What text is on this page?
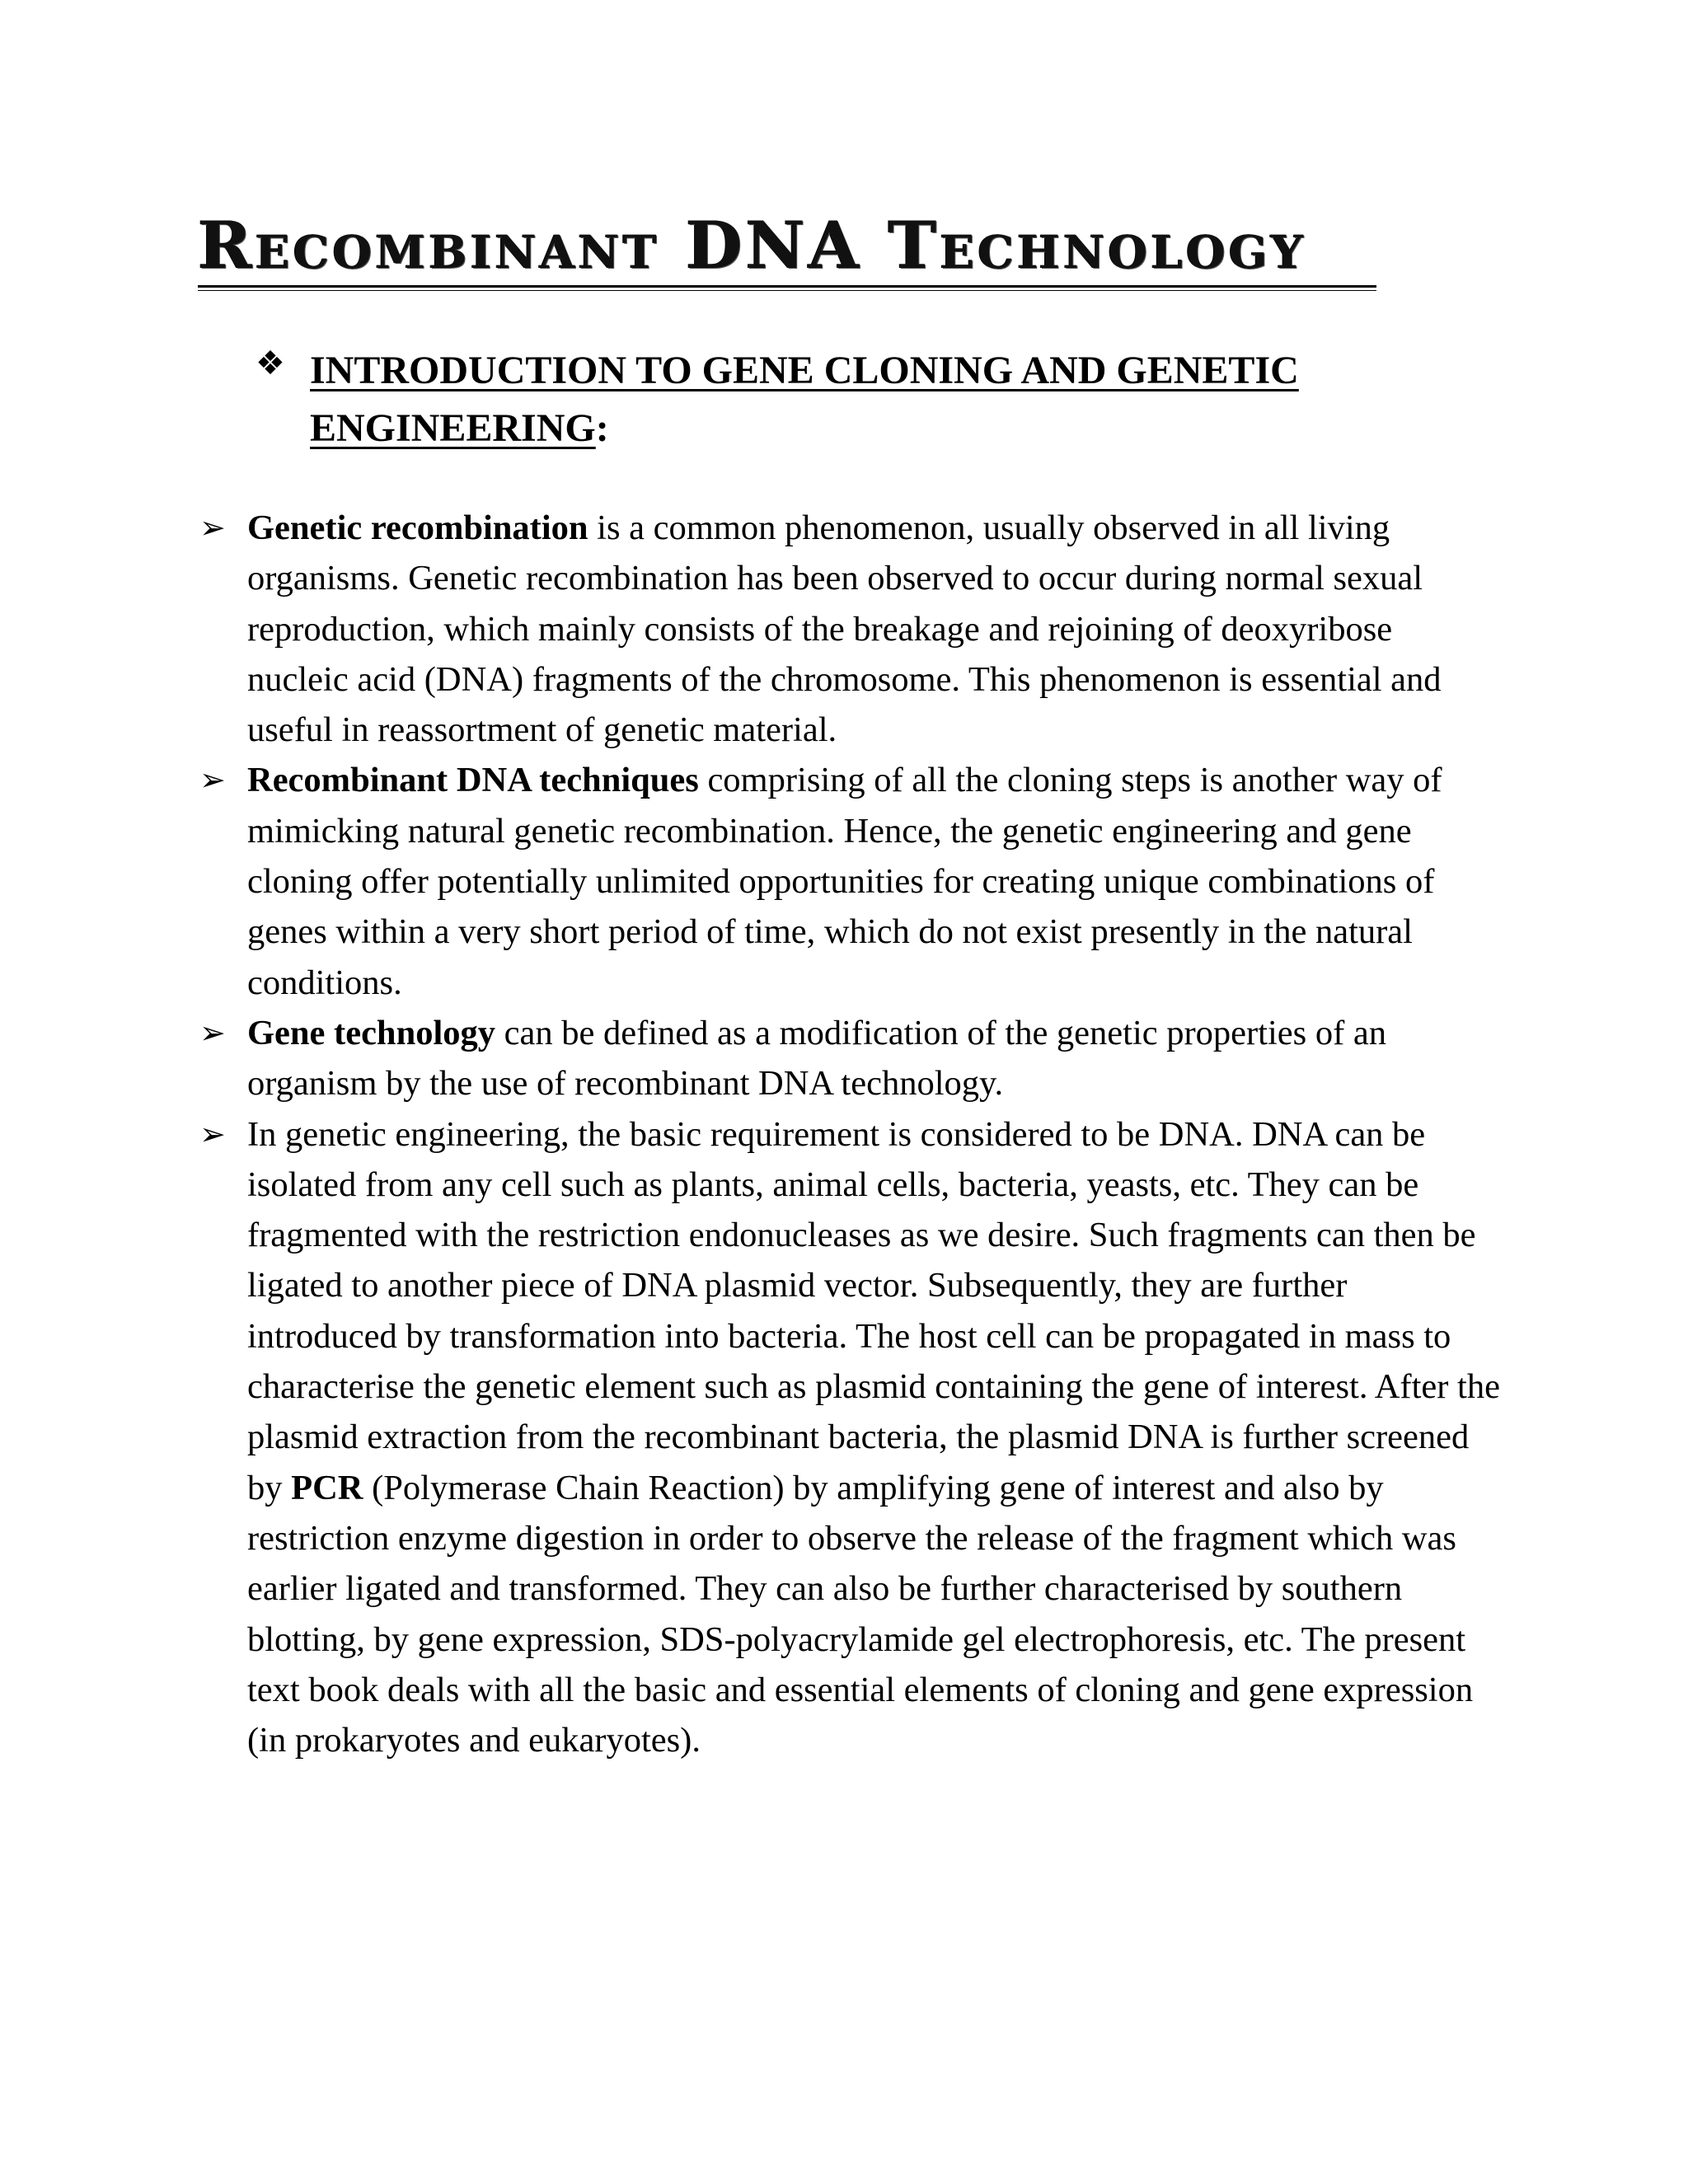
Recombinant DNA Technology
❖ INTRODUCTION TO GENE CLONING AND GENETIC ENGINEERING:
➢ Genetic recombination is a common phenomenon, usually observed in all living organisms. Genetic recombination has been observed to occur during normal sexual reproduction, which mainly consists of the breakage and rejoining of deoxyribose nucleic acid (DNA) fragments of the chromosome. This phenomenon is essential and useful in reassortment of genetic material.
➢ Recombinant DNA techniques comprising of all the cloning steps is another way of mimicking natural genetic recombination. Hence, the genetic engineering and gene cloning offer potentially unlimited opportunities for creating unique combinations of genes within a very short period of time, which do not exist presently in the natural conditions.
➢ Gene technology can be defined as a modification of the genetic properties of an organism by the use of recombinant DNA technology.
➢ In genetic engineering, the basic requirement is considered to be DNA. DNA can be isolated from any cell such as plants, animal cells, bacteria, yeasts, etc. They can be fragmented with the restriction endonucleases as we desire. Such fragments can then be ligated to another piece of DNA plasmid vector. Subsequently, they are further introduced by transformation into bacteria. The host cell can be propagated in mass to characterise the genetic element such as plasmid containing the gene of interest. After the plasmid extraction from the recombinant bacteria, the plasmid DNA is further screened by PCR (Polymerase Chain Reaction) by amplifying gene of interest and also by restriction enzyme digestion in order to observe the release of the fragment which was earlier ligated and transformed. They can also be further characterised by southern blotting, by gene expression, SDS-polyacrylamide gel electrophoresis, etc. The present text book deals with all the basic and essential elements of cloning and gene expression (in prokaryotes and eukaryotes).
